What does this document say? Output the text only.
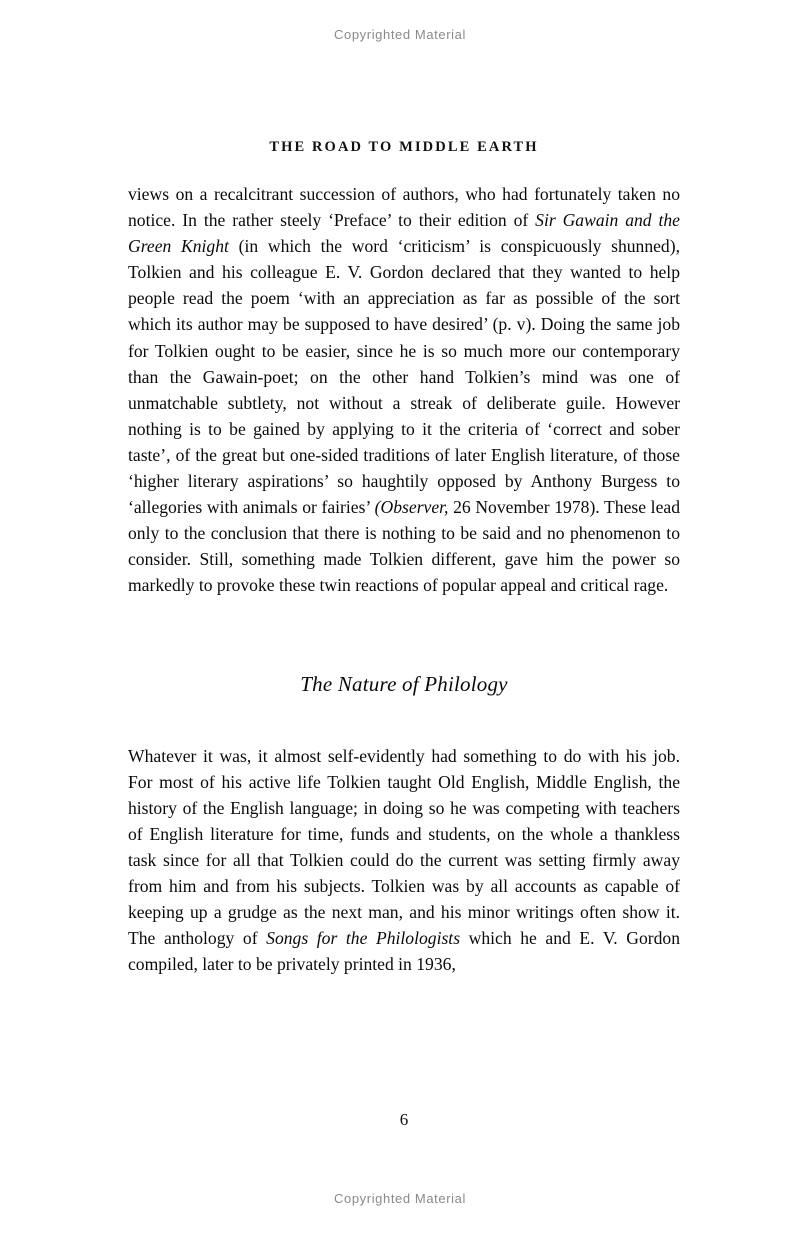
Copyrighted Material
THE ROAD TO MIDDLE EARTH

views on a recalcitrant succession of authors, who had fortunately taken no notice. In the rather steely ‘Preface’ to their edition of Sir Gawain and the Green Knight (in which the word ‘criticism’ is conspicuously shunned), Tolkien and his colleague E. V. Gordon declared that they wanted to help people read the poem ‘with an appreciation as far as possible of the sort which its author may be supposed to have desired’ (p. v). Doing the same job for Tolkien ought to be easier, since he is so much more our contemporary than the Gawain-poet; on the other hand Tolkien’s mind was one of unmatchable subtlety, not without a streak of deliberate guile. However nothing is to be gained by applying to it the criteria of ‘correct and sober taste’, of the great but one-sided traditions of later English literature, of those ‘higher literary aspirations’ so haughtily opposed by Anthony Burgess to ‘allegories with animals or fairies’ (Observer, 26 November 1978). These lead only to the conclusion that there is nothing to be said and no phenomenon to consider. Still, something made Tolkien different, gave him the power so markedly to provoke these twin reactions of popular appeal and critical rage.

The Nature of Philology

Whatever it was, it almost self-evidently had something to do with his job. For most of his active life Tolkien taught Old English, Middle English, the history of the English language; in doing so he was competing with teachers of English literature for time, funds and students, on the whole a thankless task since for all that Tolkien could do the current was setting firmly away from him and from his subjects. Tolkien was by all accounts as capable of keeping up a grudge as the next man, and his minor writings often show it. The anthology of Songs for the Philologists which he and E. V. Gordon compiled, later to be privately printed in 1936,

6
Copyrighted Material
